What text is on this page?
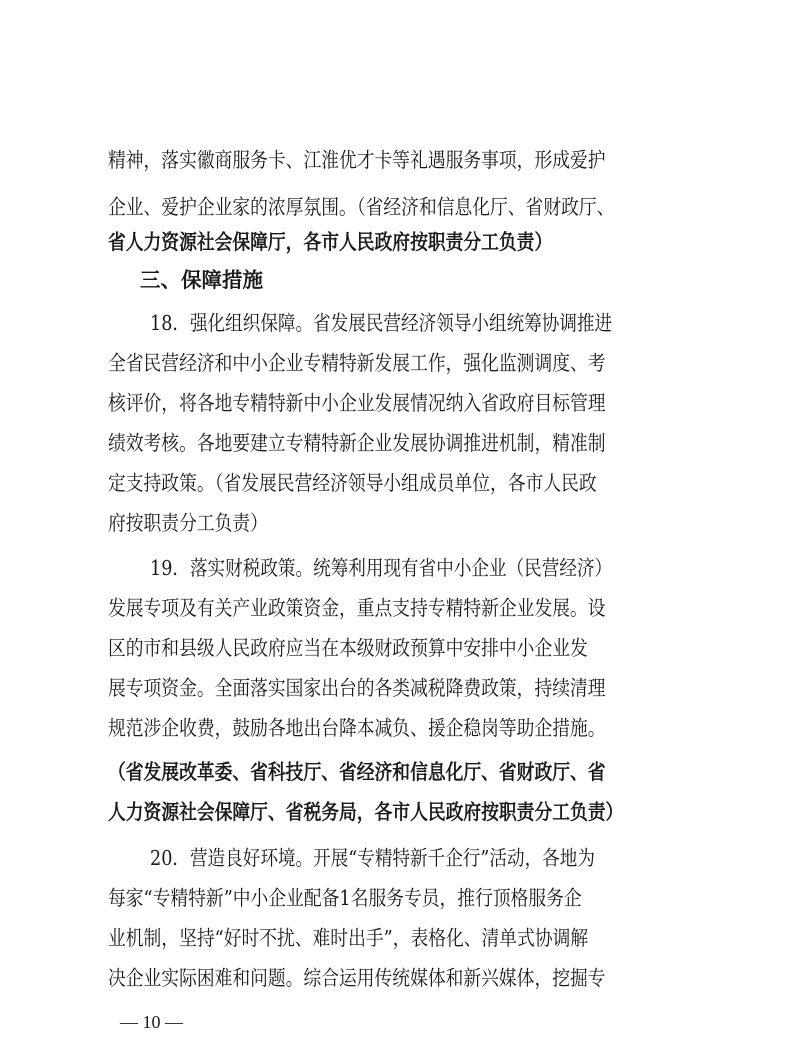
精神，落实徽商服务卡、江淮优才卡等礼遇服务事项，形成爱护
企业、爱护企业家的浓厚氛围。（省经济和信息化厅、省财政厅、
省人力资源社会保障厅，各市人民政府按职责分工负责）
三、保障措施
18．强化组织保障。省发展民营经济领导小组统筹协调推进
全省民营经济和中小企业专精特新发展工作，强化监测调度、考
核评价，将各地专精特新中小企业发展情况纳入省政府目标管理
绩效考核。各地要建立专精特新企业发展协调推进机制，精准制
定支持政策。（省发展民营经济领导小组成员单位，各市人民政
府按职责分工负责）
19．落实财税政策。统筹利用现有省中小企业（民营经济）
发展专项及有关产业政策资金，重点支持专精特新企业发展。设
区的市和县级人民政府应当在本级财政预算中安排中小企业发
展专项资金。全面落实国家出台的各类减税降费政策，持续清理
规范涉企收费，鼓励各地出台降本减负、援企稳岗等助企措施。
（省发展改革委、省科技厅、省经济和信息化厅、省财政厅、省
人力资源社会保障厅、省税务局，各市人民政府按职责分工负责）
20．营造良好环境。开展“专精特新千企行”活动，各地为
每家“专精特新”中小企业配备1名服务专员，推行顶格服务企
业机制，坚持“好时不扰、难时出手”，表格化、清单式协调解
决企业实际困难和问题。综合运用传统媒体和新兴媒体，挖掘专
— 10 —
